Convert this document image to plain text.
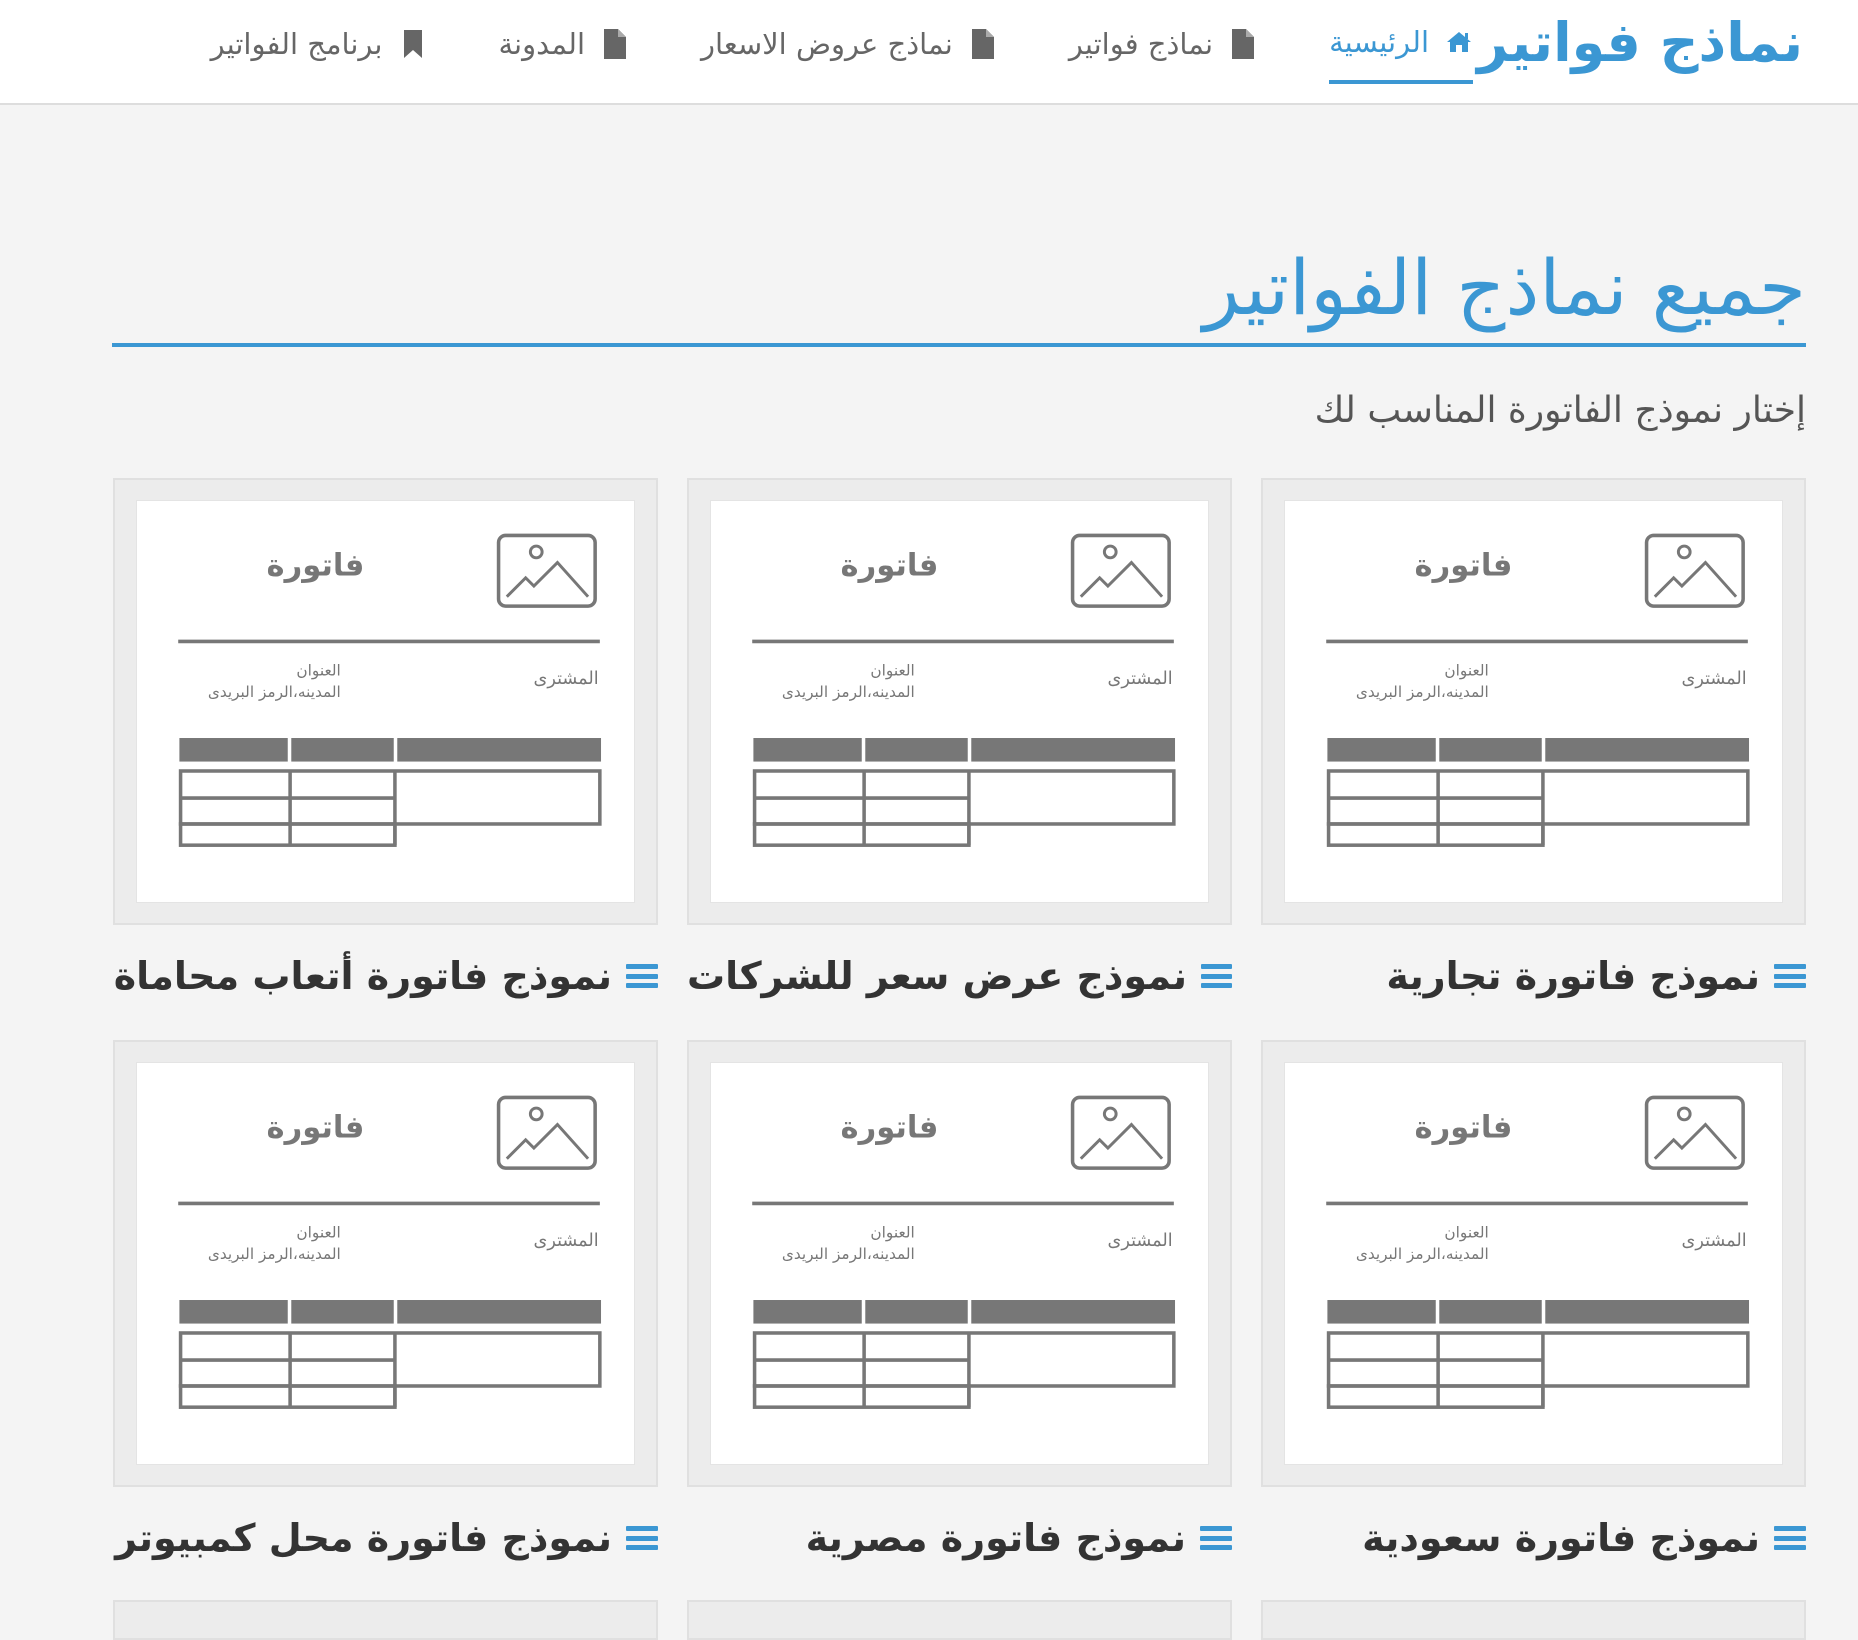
نماذج فواتير
الرئيسية
نماذج فواتير
نماذج عروض الاسعار
المدونة
برنامج الفواتير
جميع نماذج الفواتير

إختار نموذج الفاتورة المناسب لك

فاتورة
المشترى
العنوان
المدينه،الرمز البريدى
نموذج فاتورة تجارية
فاتورة
المشترى
العنوان
المدينه،الرمز البريدى
نموذج عرض سعر للشركات
فاتورة
المشترى
العنوان
المدينه،الرمز البريدى
نموذج فاتورة أتعاب محاماة
فاتورة
المشترى
العنوان
المدينه،الرمز البريدى
نموذج فاتورة سعودية
فاتورة
المشترى
العنوان
المدينه،الرمز البريدى
نموذج فاتورة مصرية
فاتورة
المشترى
العنوان
المدينه،الرمز البريدى
نموذج فاتورة محل كمبيوتر
